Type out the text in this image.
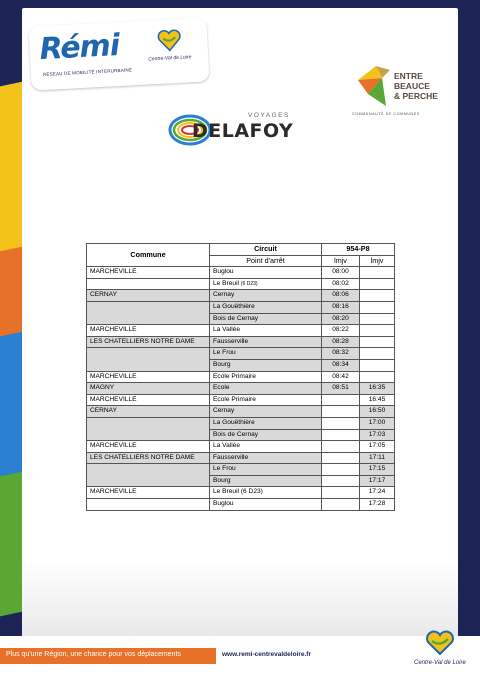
Rémi	Centre-Val de Loire
RÉSEAU DE MOBILITÉ INTERURBAINE	ENTRE
BEAUCE
& PERCHE
COMMUNAUTÉ DE COMMUNES
VOYAGES
DELAFOY
Commune	Circuit	954-P8	
	Point d'arrêt	lmjv	lmjv
MARCHEVILLE	Buglou	08:00	
	Le Breuil (6 D23)	08:02	
CERNAY	Cernay	08:06	
	La Gouëthière	08:16	
	Bois de Cernay	08:20	
MARCHEVILLE	La Vallée	08:22	
LES CHATELLIERS NOTRE DAME	Fausserville	08:28	
	Le Frou	08:32	
	Bourg	08:34	
MARCHEVILLE	Ecole Primaire	08:42	
MAGNY	Ecole	08:51	16:35
MARCHEVILLE	Ecole Primaire		16:45
CERNAY	Cernay		16:50
	La Gouëthière		17:00
	Bois de Cernay		17:03
MARCHEVILLE	La Vallée		17:05
LES CHATELLIERS NOTRE DAME	Fausserville		17:11
	Le Frou		17:15
	Bourg		17:17
MARCHEVILLE	Le Breuil (6 D23)		17:24
	Buglou		17:28
Plus qu'une Région, une chance pour vos déplacements	www.remi-centrevaldeloire.fr
Centre-Val de Loire
